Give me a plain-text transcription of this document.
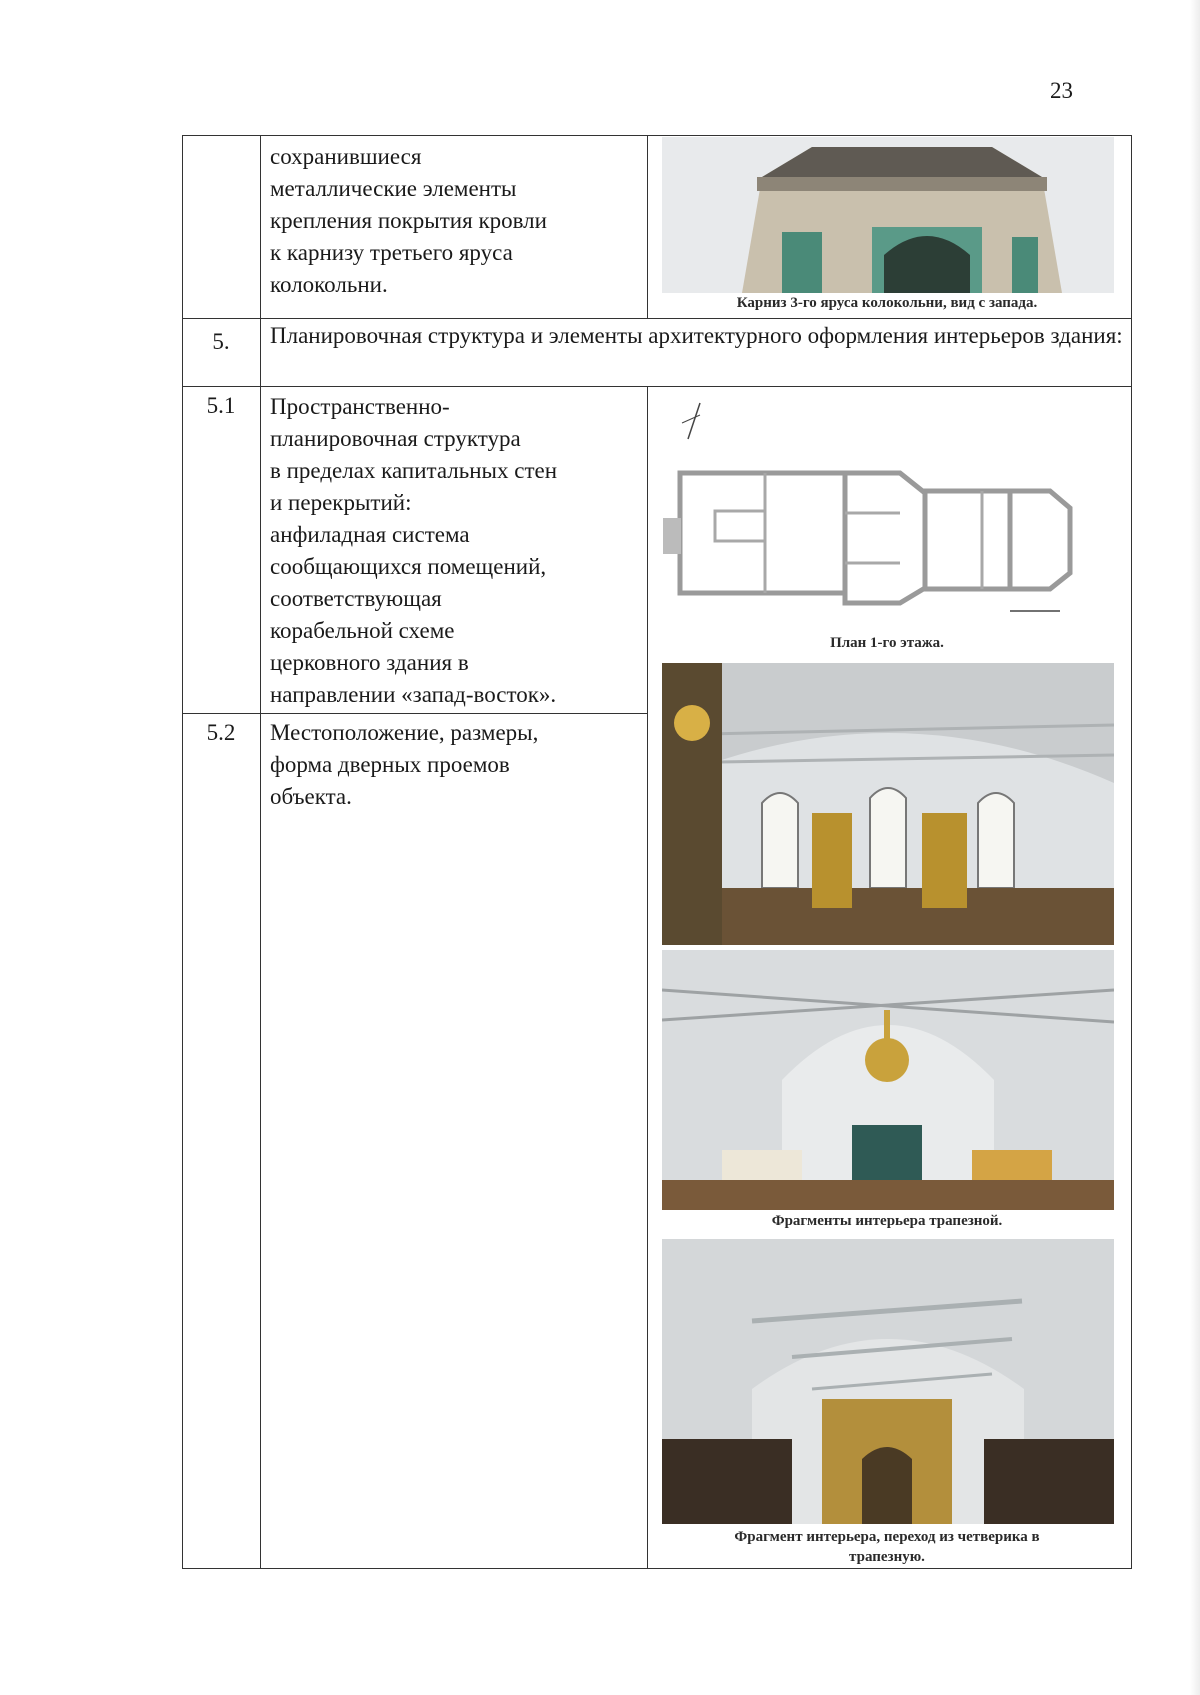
23
сохранившиеся
металлические элементы
крепления покрытия кровли
к карнизу третьего яруса
колокольни.
Карниз 3-го яруса колокольни, вид с запада.
5.	Планировочная структура и элементы архитектурного оформления интерьеров здания:
5.1	Пространственно-
планировочная структура
в пределах капитальных стен
и перекрытий:
анфиладная система
сообщающихся помещений,
соответствующая
корабельной схеме
церковного здания в
направлении «запад-восток».
5.2	Местоположение, размеры,
форма дверных проемов
объекта.
Фрагменты интерьера трапезной.
Фрагмент интерьера, переход из четверика в
трапезную.
План 1-го этажа.
